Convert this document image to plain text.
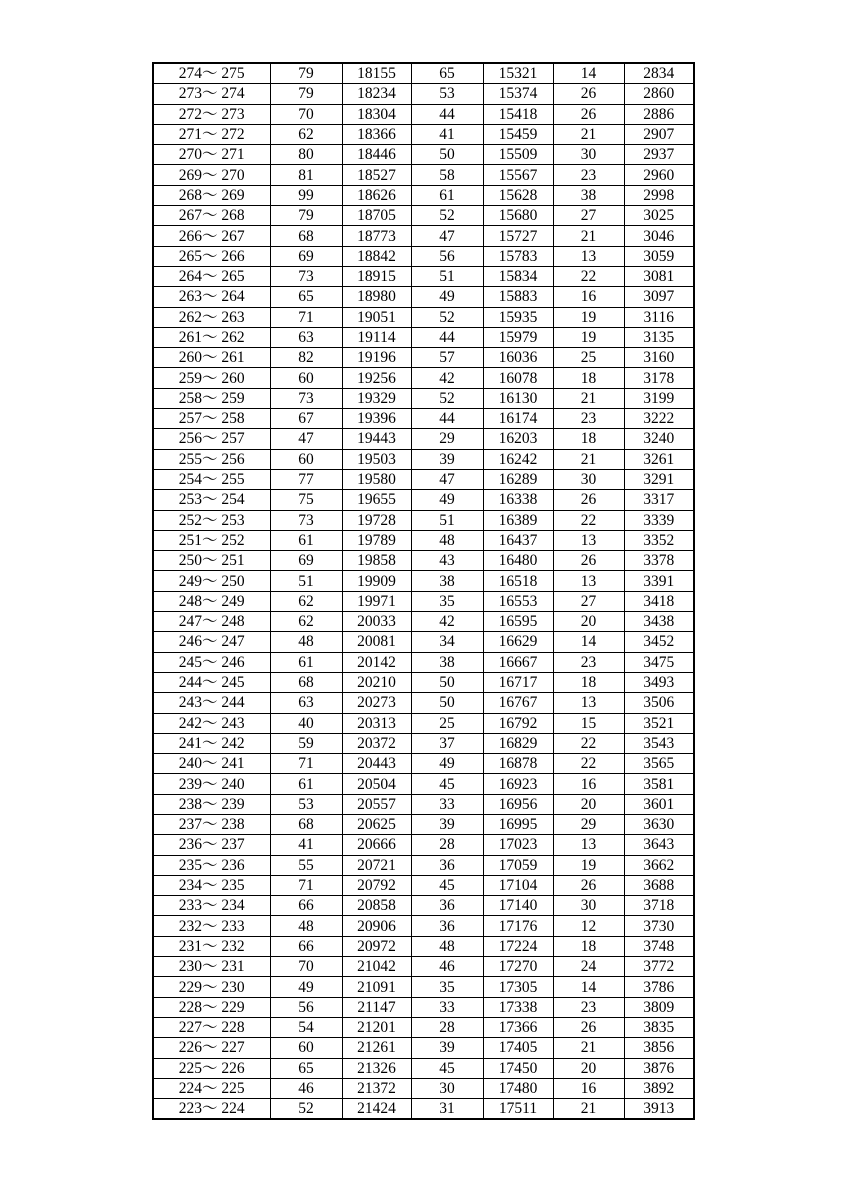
274～ 275	79	18155	65	15321	14	2834
273～ 274	79	18234	53	15374	26	2860
272～ 273	70	18304	44	15418	26	2886
271～ 272	62	18366	41	15459	21	2907
270～ 271	80	18446	50	15509	30	2937
269～ 270	81	18527	58	15567	23	2960
268～ 269	99	18626	61	15628	38	2998
267～ 268	79	18705	52	15680	27	3025
266～ 267	68	18773	47	15727	21	3046
265～ 266	69	18842	56	15783	13	3059
264～ 265	73	18915	51	15834	22	3081
263～ 264	65	18980	49	15883	16	3097
262～ 263	71	19051	52	15935	19	3116
261～ 262	63	19114	44	15979	19	3135
260～ 261	82	19196	57	16036	25	3160
259～ 260	60	19256	42	16078	18	3178
258～ 259	73	19329	52	16130	21	3199
257～ 258	67	19396	44	16174	23	3222
256～ 257	47	19443	29	16203	18	3240
255～ 256	60	19503	39	16242	21	3261
254～ 255	77	19580	47	16289	30	3291
253～ 254	75	19655	49	16338	26	3317
252～ 253	73	19728	51	16389	22	3339
251～ 252	61	19789	48	16437	13	3352
250～ 251	69	19858	43	16480	26	3378
249～ 250	51	19909	38	16518	13	3391
248～ 249	62	19971	35	16553	27	3418
247～ 248	62	20033	42	16595	20	3438
246～ 247	48	20081	34	16629	14	3452
245～ 246	61	20142	38	16667	23	3475
244～ 245	68	20210	50	16717	18	3493
243～ 244	63	20273	50	16767	13	3506
242～ 243	40	20313	25	16792	15	3521
241～ 242	59	20372	37	16829	22	3543
240～ 241	71	20443	49	16878	22	3565
239～ 240	61	20504	45	16923	16	3581
238～ 239	53	20557	33	16956	20	3601
237～ 238	68	20625	39	16995	29	3630
236～ 237	41	20666	28	17023	13	3643
235～ 236	55	20721	36	17059	19	3662
234～ 235	71	20792	45	17104	26	3688
233～ 234	66	20858	36	17140	30	3718
232～ 233	48	20906	36	17176	12	3730
231～ 232	66	20972	48	17224	18	3748
230～ 231	70	21042	46	17270	24	3772
229～ 230	49	21091	35	17305	14	3786
228～ 229	56	21147	33	17338	23	3809
227～ 228	54	21201	28	17366	26	3835
226～ 227	60	21261	39	17405	21	3856
225～ 226	65	21326	45	17450	20	3876
224～ 225	46	21372	30	17480	16	3892
223～ 224	52	21424	31	17511	21	3913
